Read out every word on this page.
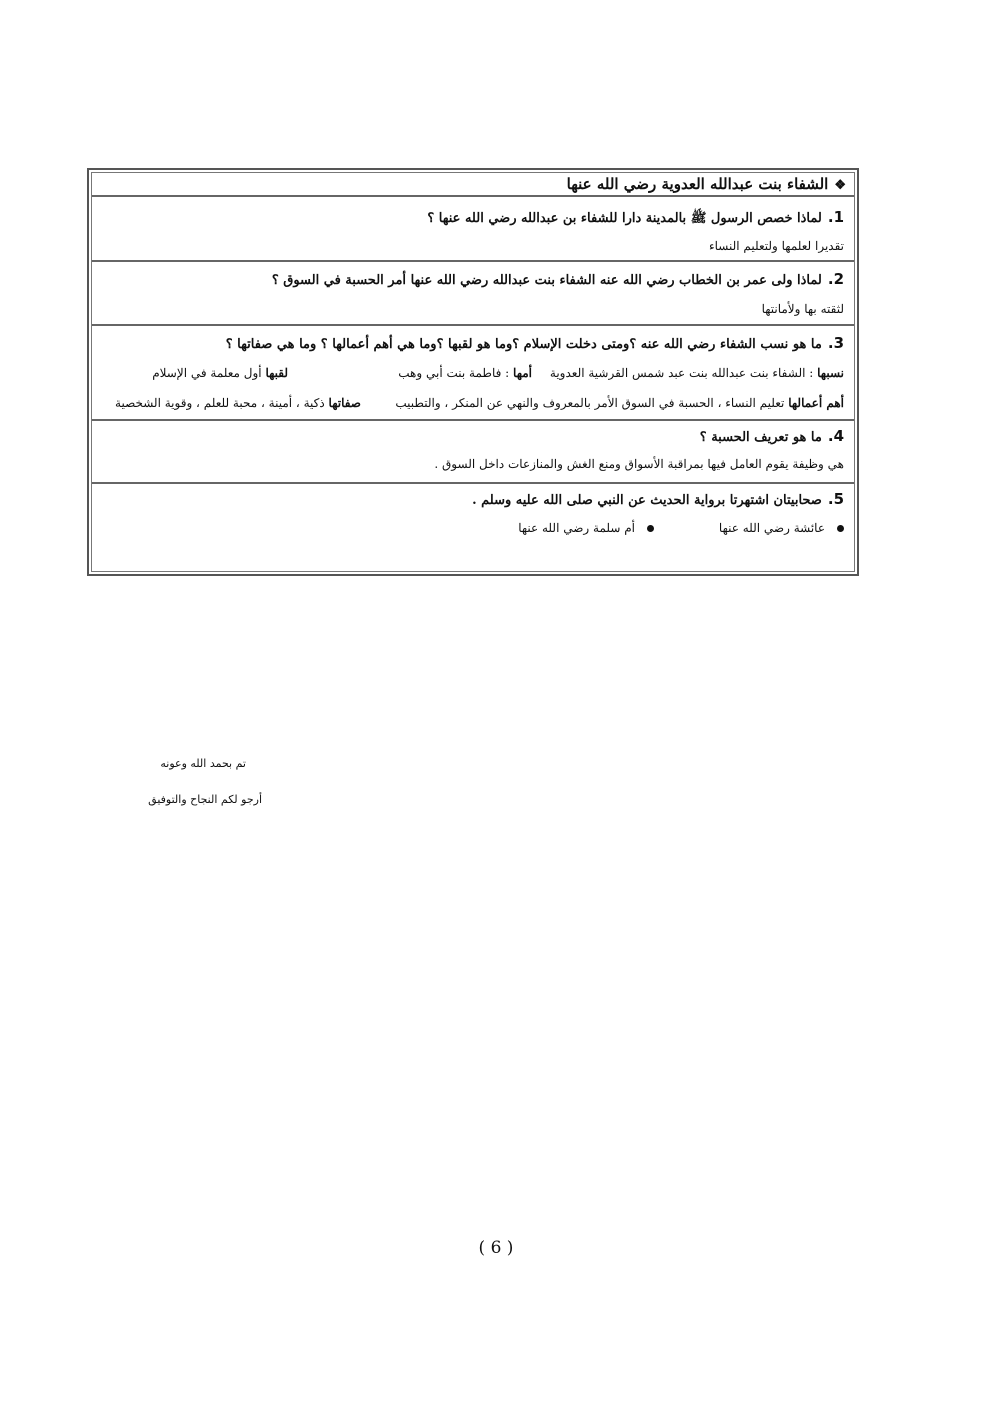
❖الشفاء بنت عبدالله العدوية رضي الله عنها
1.لماذا خصص الرسول ﷺ بالمدينة دارا للشفاء بن عبدالله رضي الله عنها ؟
تقديرا لعلمها ولتعليم النساء
2.لماذا ولى عمر بن الخطاب رضي الله عنه الشفاء بنت عبدالله رضي الله عنها أمر الحسبة في السوق ؟
لثقته بها ولأمانتها
3.ما هو نسب الشفاء رضي الله عنه ؟ومتى دخلت الإسلام ؟وما هو لقبها ؟وما هي أهم أعمالها ؟ وما هي صفاتها ؟
نسبها : الشفاء بنت عبدالله بنت عبد شمس القرشية العدوية
أمها : فاطمة بنت أبي وهب
لقبها أول معلمة في الإسلام
أهم أعمالها تعليم النساء ، الحسبة في السوق الأمر بالمعروف والنهي عن المنكر ، والتطبيب
صفاتها ذكية ، أمينة ، محبة للعلم ، وقوية الشخصية
4.ما هو تعريف الحسبة ؟
هي وظيفة يقوم العامل فيها بمراقبة الأسواق ومنع الغش والمنازعات داخل السوق .
5.صحابيتان اشتهرتا برواية الحديث عن النبي صلى الله عليه وسلم .
عائشة رضي الله عنها
أم سلمة رضي الله عنها
تم بحمد الله وعونه
أرجو لكم النجاح والتوفيق
( 6 )
